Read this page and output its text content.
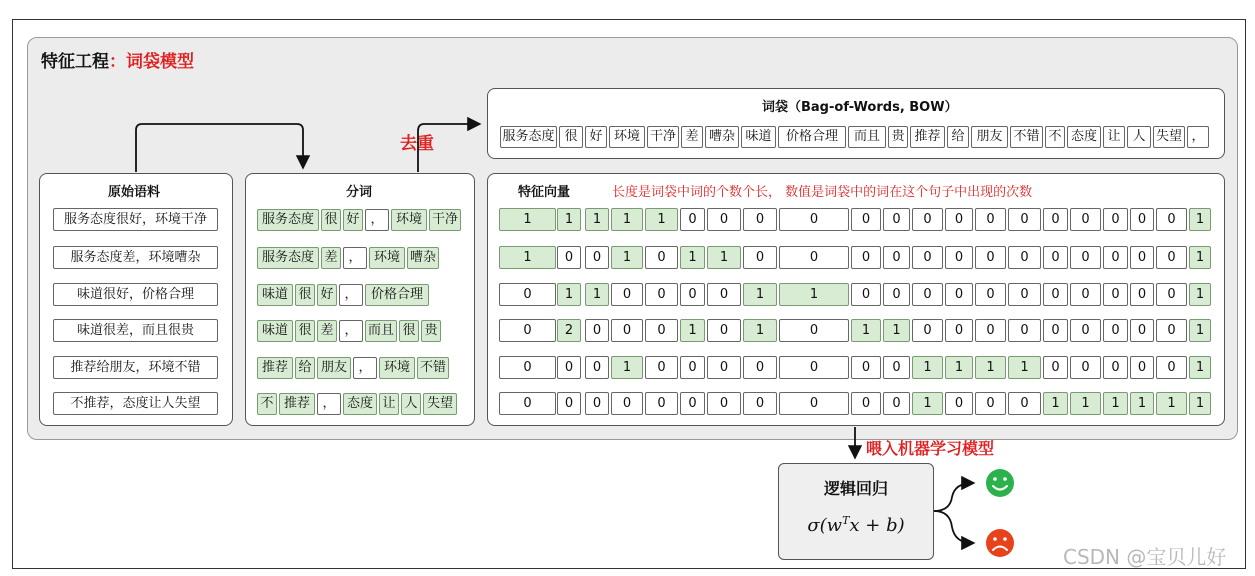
特征工程：词袋模型
词袋（Bag-of-Words, BOW）
服务态度 很 好 环境 干净 差 嘈杂 味道	价格合理	而且 贵 推荐 给 朋友 不错 不 态度 让 人 失望 ，
原始语料
服务态度很好，环境干净
服务态度差，环境嘈杂
味道很好，价格合理
味道很差，而且很贵
推荐给朋友，环境不错
不推荐，态度让人失望
分词
服务态度 很 好 ， 环境 干净
服务态度 差 ， 环境 嘈杂
味道 很 好 ，	价格合理
味道 很 差 ， 而且 很 贵
推荐 给 朋友 ， 环境 不错
不 推荐 ， 态度 让 人 失望
特征向量	长度是词袋中词的个数个长， 数值是词袋中的词在这个句子中出现的次数
1	1	1	1	1	0	0	0	0	0	0	0	0	0	0	0	0	0	0	0	1
1	0	0	1	0	1	1	0	0	0	0	0	0	0	0	0	0	0	0	0	1
0	1	1	0	0	0	0	1	1	0	0	0	0	0	0	0	0	0	0	0	1
0	2	0	0	0	1	0	1	0	1	1	0	0	0	0	0	0	0	0	0	1
0	0	0	1	0	0	0	0	0	0	0	1	1	1	1	0	0	0	0	0	1
0	0	0	0	0	0	0	0	0	0	0	1	0	0	0	1	1	1	1	1	1
去重
喂入机器学习模型
逻辑回归
$\sigma(w^Tx + b)$
CSDN @宝贝儿好
